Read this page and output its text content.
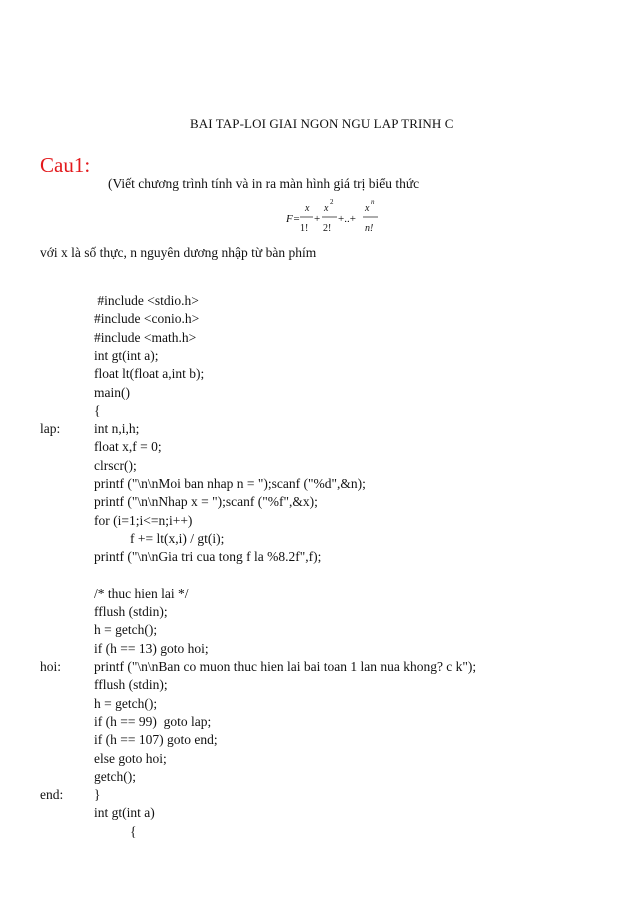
BAI TAP-LOI GIAI NGON NGU LAP TRINH C
Cau1:
(Viết chương trình tính và in ra màn hình giá trị biểu thức
F=
x
1!
+
x
2
2!
+..+
x
n
n!
với x là số thực, n nguyên dương nhập từ bàn phím
#include <stdio.h>
#include <conio.h>
#include <math.h>
int gt(int a);
float lt(float a,int b);
main()
{
lap:	int n,i,h;
float x,f = 0;
clrscr();
printf ("\n\nMoi ban nhap n = ");scanf ("%d",&n);
printf ("\n\nNhap x = ");scanf ("%f",&x);
for (i=1;i<=n;i++)
f += lt(x,i) / gt(i);
printf ("\n\nGia tri cua tong f la %8.2f",f);
/* thuc hien lai */
fflush (stdin);
h = getch();
if (h == 13) goto hoi;
hoi: printf ("\n\nBan co muon thuc hien lai bai toan 1 lan nua khong? c k");
fflush (stdin);
h = getch();
if (h == 99)  goto lap;
if (h == 107) goto end;
else goto hoi;
getch();
end: }
int gt(int a)
{
